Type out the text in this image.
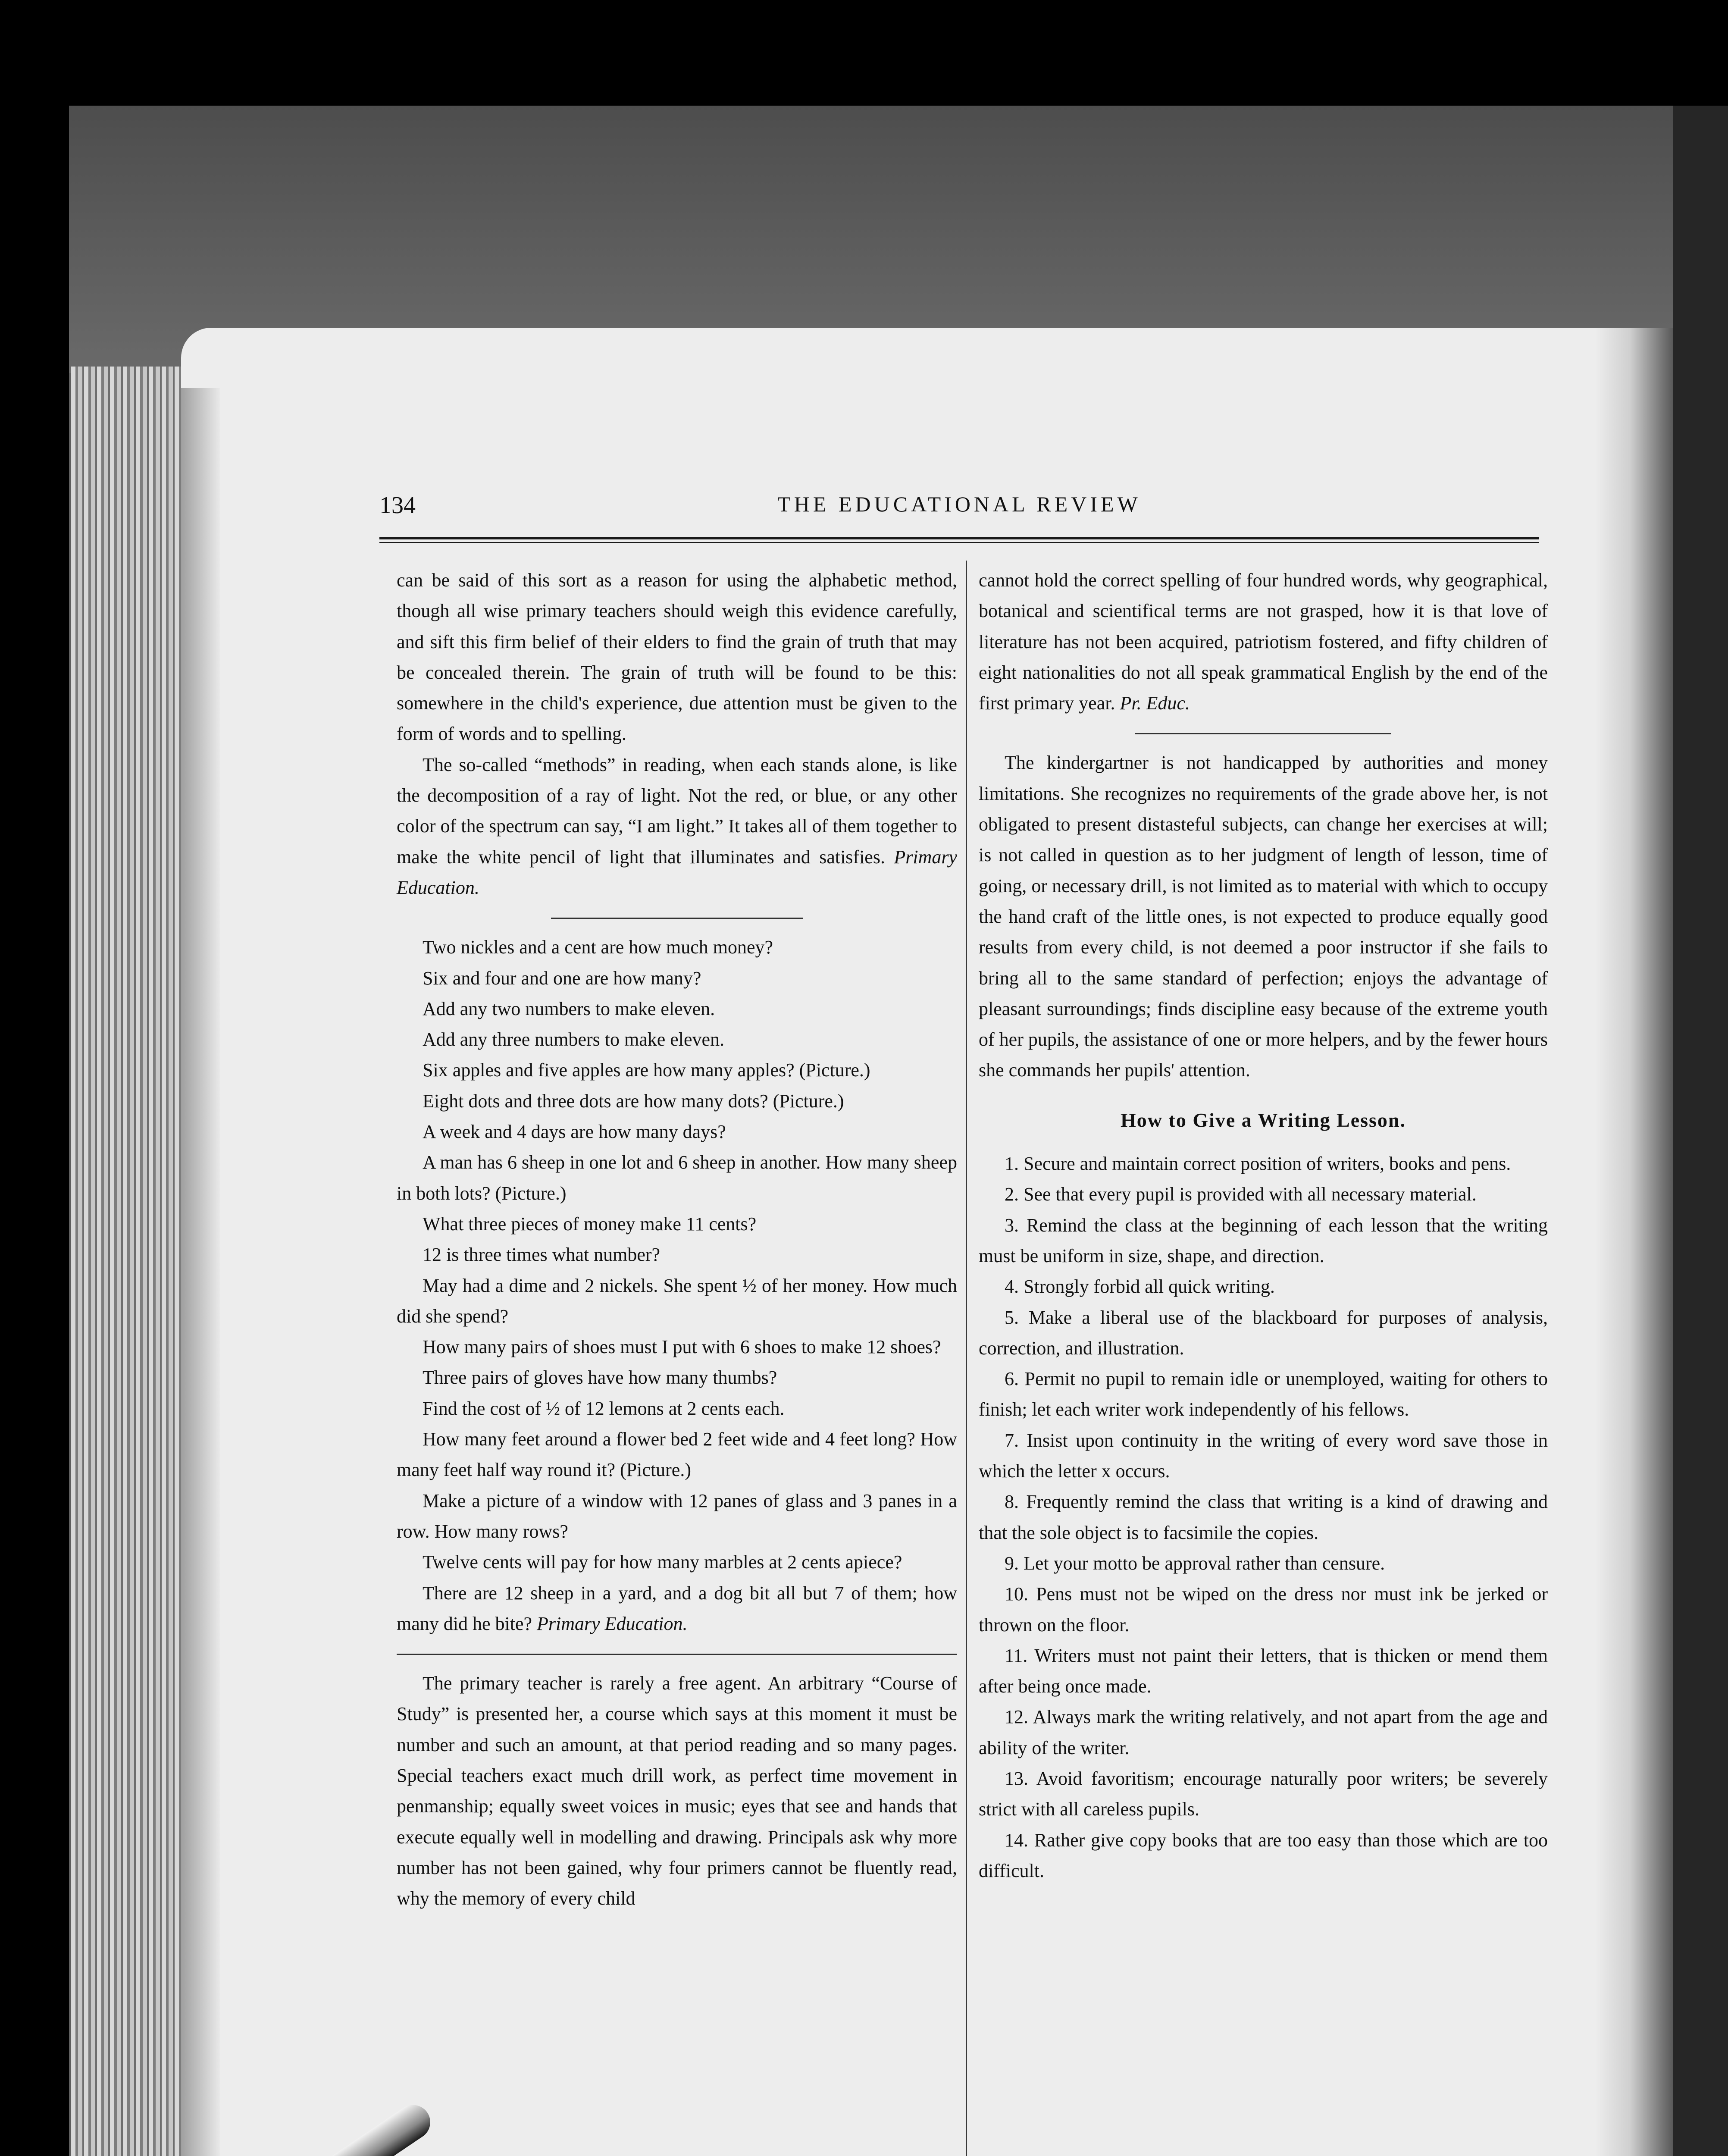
134	THE EDUCATIONAL REVIEW

can be said of this sort as a reason for using the alphabetic method, though all wise primary teachers should weigh this evidence carefully, and sift this firm belief of their elders to find the grain of truth that may be concealed therein. The grain of truth will be found to be this: somewhere in the child's experience, due attention must be given to the form of words and to spelling.

The so-called “methods” in reading, when each stands alone, is like the decomposition of a ray of light. Not the red, or blue, or any other color of the spectrum can say, “I am light.” It takes all of them together to make the white pencil of light that illuminates and satisfies. Primary Education.

Two nickles and a cent are how much money?

Six and four and one are how many?

Add any two numbers to make eleven.

Add any three numbers to make eleven.

Six apples and five apples are how many apples? (Picture.)

Eight dots and three dots are how many dots? (Picture.)

A week and 4 days are how many days?

A man has 6 sheep in one lot and 6 sheep in another. How many sheep in both lots? (Picture.)

What three pieces of money make 11 cents?

12 is three times what number?

May had a dime and 2 nickels. She spent ½ of her money. How much did she spend?

How many pairs of shoes must I put with 6 shoes to make 12 shoes?

Three pairs of gloves have how many thumbs?

Find the cost of ½ of 12 lemons at 2 cents each.

How many feet around a flower bed 2 feet wide and 4 feet long? How many feet half way round it? (Picture.)

Make a picture of a window with 12 panes of glass and 3 panes in a row. How many rows?

Twelve cents will pay for how many marbles at 2 cents apiece?

There are 12 sheep in a yard, and a dog bit all but 7 of them; how many did he bite? Primary Education.

The primary teacher is rarely a free agent. An arbitrary “Course of Study” is presented her, a course which says at this moment it must be number and such an amount, at that period reading and so many pages. Special teachers exact much drill work, as perfect time movement in penmanship; equally sweet voices in music; eyes that see and hands that execute equally well in modelling and drawing. Principals ask why more number has not been gained, why four primers cannot be fluently read, why the memory of every child

cannot hold the correct spelling of four hundred words, why geographical, botanical and scientifical terms are not grasped, how it is that love of literature has not been acquired, patriotism fostered, and fifty children of eight nationalities do not all speak grammatical English by the end of the first primary year. Pr. Educ.

The kindergartner is not handicapped by authorities and money limitations. She recognizes no requirements of the grade above her, is not obligated to present distasteful subjects, can change her exercises at will; is not called in question as to her judgment of length of lesson, time of going, or necessary drill, is not limited as to material with which to occupy the hand craft of the little ones, is not expected to produce equally good results from every child, is not deemed a poor instructor if she fails to bring all to the same standard of perfection; enjoys the advantage of pleasant surroundings; finds discipline easy because of the extreme youth of her pupils, the assistance of one or more helpers, and by the fewer hours she commands her pupils' attention.

How to Give a Writing Lesson.

1. Secure and maintain correct position of writers, books and pens.

2. See that every pupil is provided with all necessary material.

3. Remind the class at the beginning of each lesson that the writing must be uniform in size, shape, and direction.

4. Strongly forbid all quick writing.

5. Make a liberal use of the blackboard for purposes of analysis, correction, and illustration.

6. Permit no pupil to remain idle or unemployed, waiting for others to finish; let each writer work independently of his fellows.

7. Insist upon continuity in the writing of every word save those in which the letter x occurs.

8. Frequently remind the class that writing is a kind of drawing and that the sole object is to facsimile the copies.

9. Let your motto be approval rather than censure.

10. Pens must not be wiped on the dress nor must ink be jerked or thrown on the floor.

11. Writers must not paint their letters, that is thicken or mend them after being once made.

12. Always mark the writing relatively, and not apart from the age and ability of the writer.

13. Avoid favoritism; encourage naturally poor writers; be severely strict with all careless pupils.

14. Rather give copy books that are too easy than those which are too difficult.
